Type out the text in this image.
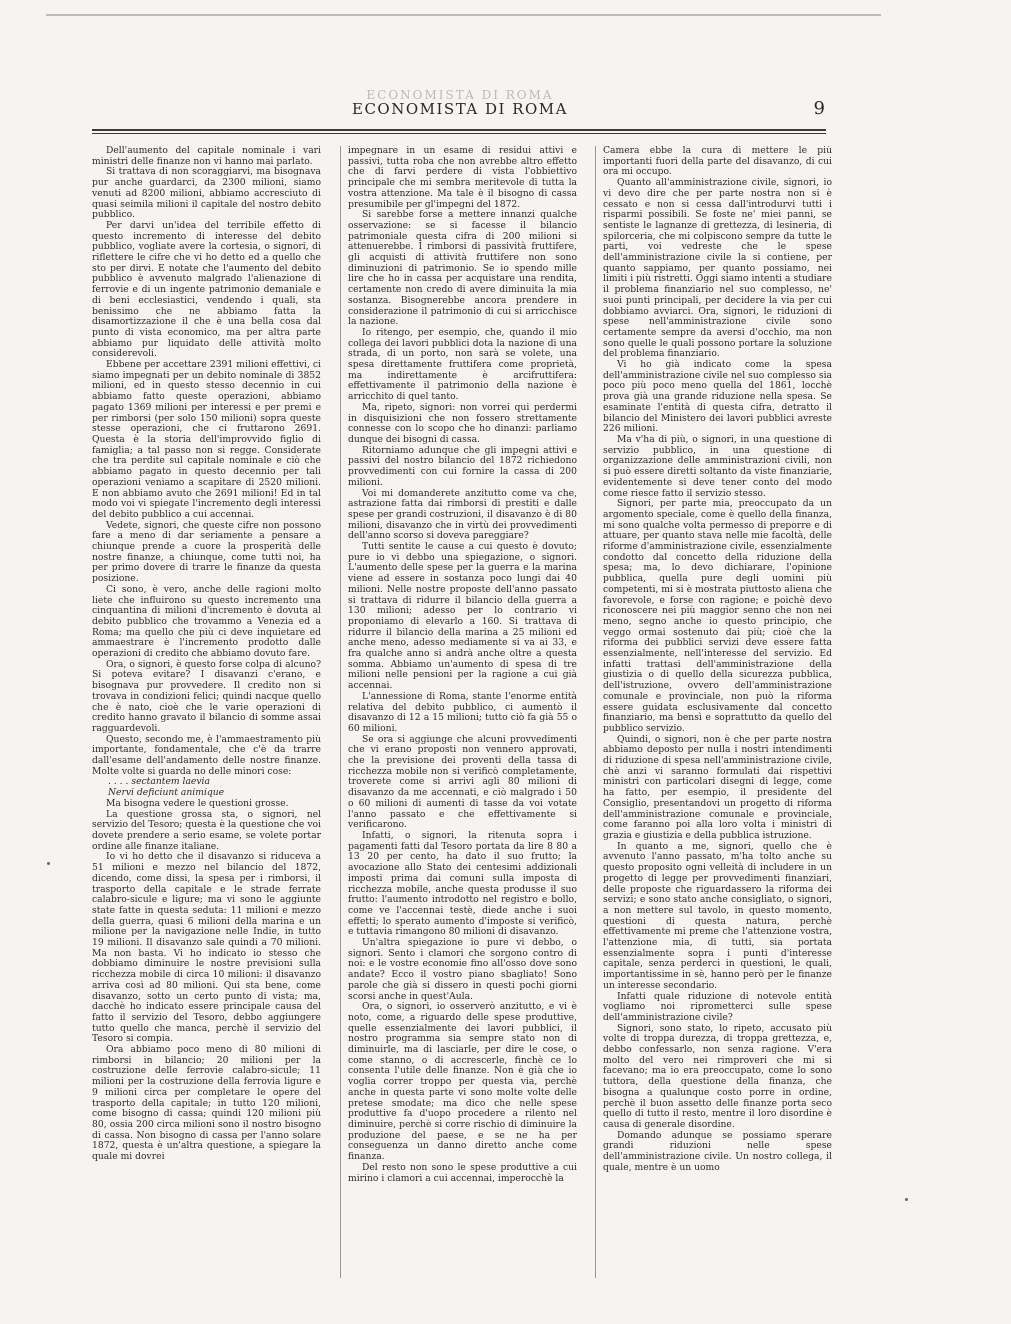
ECONOMISTA DI ROMA
ECONOMISTA DI ROMA	9

Dell'aumento del capitale nominale i vari ministri delle finanze non vi hanno mai parlato.

Si trattava di non scoraggiarvi, ma bisognava pur anche guardarci, da 2300 milioni, siamo venuti ad 8200 milioni, abbiamo accresciuto di quasi seimila milioni il capitale del nostro debito pubblico.

Per darvi un'idea del terribile effetto di questo incremento di interesse del debito pubblico, vogliate avere la cortesia, o signori, di riflettere le cifre che vi ho detto ed a quello che sto per dirvi. E notate che l'aumento del debito pubblico è avvenuto malgrado l'alienazione di ferrovie e di un ingente patrimonio demaniale e di beni ecclesiastici, vendendo i quali, sta benissimo che ne abbiamo fatta la disamortizzazione il che è una bella cosa dal punto di vista economico, ma per altra parte abbiamo pur liquidato delle attività molto considerevoli.

Ebbene per accettare 2391 milioni effettivi, ci siamo impegnati per un debito nominale di 3852 milioni, ed in questo stesso decennio in cui abbiamo fatto queste operazioni, abbiamo pagato 1369 milioni per interessi e per premi e per rimborsi (per solo 150 milioni) sopra queste stesse operazioni, che ci fruttarono 2691. Questa è la storia dell'improvvido figlio di famiglia; a tal passo non si regge. Considerate che tra perdite sul capitale nominale e ciò che abbiamo pagato in questo decennio per tali operazioni veniamo a scapitare di 2520 milioni. E non abbiamo avuto che 2691 milioni! Ed in tal modo voi vi spiegate l'incremento degli interessi del debito pubblico a cui accennai.

Vedete, signori, che queste cifre non possono fare a meno di dar seriamente a pensare a chiunque prende a cuore la prosperità delle nostre finanze, a chiunque, come tutti noi, ha per primo dovere di trarre le finanze da questa posizione.

Ci sono, è vero, anche delle ragioni molto liete che influirono su questo incremento una cinquantina di milioni d'incremento è dovuta al debito pubblico che trovammo a Venezia ed a Roma; ma quello che più ci deve inquietare ed ammaestrare è l'incremento prodotto dalle operazioni di credito che abbiamo dovuto fare.

Ora, o signori, è questo forse colpa di alcuno? Si poteva evitare? I disavanzi c'erano, e bisognava pur provvedere. Il credito non si trovava in condizioni felici; quindi nacque quello che è nato, cioè che le varie operazioni di credito hanno gravato il bilancio di somme assai ragguardevoli.

Questo, secondo me, è l'ammaestramento più importante, fondamentale, che c'è da trarre dall'esame dell'andamento delle nostre finanze. Molte volte si guarda no delle minori cose:

. . . . sectantem laevia

Nervi deficiunt animique

Ma bisogna vedere le questioni grosse.

La questione grossa sta, o signori, nel servizio del Tesoro; questa è la questione che voi dovete prendere a serio esame, se volete portar ordine alle finanze italiane.

Io vi ho detto che il disavanzo si riduceva a 51 milioni e mezzo nel bilancio del 1872, dicendo, come dissi, la spesa per i rimborsi, il trasporto della capitale e le strade ferrate calabro-sicule e ligure; ma vi sono le aggiunte state fatte in questa seduta: 11 milioni e mezzo della guerra, quasi 6 milioni della marina e un milione per la navigazione nelle Indie, in tutto 19 milioni. Il disavanzo sale quindi a 70 milioni. Ma non basta. Vi ho indicato io stesso che dobbiamo diminuire le nostre previsioni sulla ricchezza mobile di circa 10 milioni: il disavanzo arriva così ad 80 milioni. Qui sta bene, come disavanzo, sotto un certo punto di vista; ma, dacchè ho indicato essere principale causa del fatto il servizio del Tesoro, debbo aggiungere tutto quello che manca, perchè il servizio del Tesoro si compia.

Ora abbiamo poco meno di 80 milioni di rimborsi in bilancio; 20 milioni per la costruzione delle ferrovie calabro-sicule; 11 milioni per la costruzione della ferrovia ligure e 9 milioni circa per completare le opere del trasporto della capitale; in tutto 120 milioni, come bisogno di cassa; quindi 120 milioni più 80, ossia 200 circa milioni sono il nostro bisogno di cassa. Non bisogno di cassa per l'anno solare 1872, questa è un'altra questione, a spiegare la quale mi dovrei

impegnare in un esame di residui attivi e passivi, tutta roba che non avrebbe altro effetto che di farvi perdere di vista l'obbiettivo principale che mi sembra meritevole di tutta la vostra attenzione. Ma tale è il bisogno di cassa presumibile per gl'impegni del 1872.

Si sarebbe forse a mettere innanzi qualche osservazione: se si facesse il bilancio patrimoniale questa cifra di 200 milioni si attenuerebbe. I rimborsi di passività fruttifere, gli acquisti di attività fruttifere non sono diminuzioni di patrimonio. Se io spendo mille lire che ho in cassa per acquistare una rendita, certamente non credo di avere diminuita la mia sostanza. Bisognerebbe ancora prendere in considerazione il patrimonio di cui si arricchisce la nazione.

Io ritengo, per esempio, che, quando il mio collega dei lavori pubblici dota la nazione di una strada, di un porto, non sarà se volete, una spesa direttamente fruttifera come proprietà, ma indirettamente è arcifruttifera: effettivamente il patrimonio della nazione è arricchito di quel tanto.

Ma, ripeto, signori: non vorrei qui perdermi in disquisizioni che non fossero strettamente connesse con lo scopo che ho dinanzi: parliamo dunque dei bisogni di cassa.

Ritorniamo adunque che gli impegni attivi e passivi del nostro bilancio del 1872 richiedono provvedimenti con cui fornire la cassa di 200 milioni.

Voi mi domanderete anzitutto come va che, astrazione fatta dai rimborsi di prestiti e dalle spese per grandi costruzioni, il disavanzo è di 80 milioni, disavanzo che in virtù dei provvedimenti dell'anno scorso si doveva pareggiare?

Tutti sentite le cause a cui questo è dovuto; pure io vi debbo una spiegazione, o signori. L'aumento delle spese per la guerra e la marina viene ad essere in sostanza poco lungi dai 40 milioni. Nelle nostre proposte dell'anno passato si trattava di ridurre il bilancio della guerra a 130 milioni; adesso per lo contrario vi proponiamo di elevarlo a 160. Si trattava di ridurre il bilancio della marina a 25 milioni ed anche meno, adesso mediamente si va ai 33, e fra qualche anno si andrà anche oltre a questa somma. Abbiamo un'aumento di spesa di tre milioni nelle pensioni per la ragione a cui già accennai.

L'annessione di Roma, stante l'enorme entità relativa del debito pubblico, ci aumentò il disavanzo di 12 a 15 milioni; tutto ciò fa già 55 o 60 milioni.

Se ora si aggiunge che alcuni provvedimenti che vi erano proposti non vennero approvati, che la previsione dei proventi della tassa di ricchezza mobile non si verificò completamente, troverete come si arrivi agli 80 milioni di disavanzo da me accennati, e ciò malgrado i 50 o 60 milioni di aumenti di tasse da voi votate l'anno passato e che effettivamente si verificarono.

Infatti, o signori, la ritenuta sopra i pagamenti fatti dal Tesoro portata da lire 8 80 a 13 20 per cento, ha dato il suo frutto; la avocazione allo Stato dei centesimi addizionali imposti prima dai comuni sulla imposta di ricchezza mobile, anche questa produsse il suo frutto: l'aumento introdotto nel registro e bollo, come ve l'accennai testè, diede anche i suoi effetti; lo sperato aumento d'imposte si verificò, e tuttavia rimangono 80 milioni di disavanzo.

Un'altra spiegazione io pure vi debbo, o signori. Sento i clamori che sorgono contro di noi: e le vostre economie fino all'osso dove sono andate? Ecco il vostro piano sbagliato! Sono parole che già si dissero in questi pochi giorni scorsi anche in quest'Aula.

Ora, o signori, io osserverò anzitutto, e vi è noto, come, a riguardo delle spese produttive, quelle essenzialmente dei lavori pubblici, il nostro programma sia sempre stato non di diminuirle, ma di lasciarle, per dire le cose, o come stanno, o di accrescerle, finchè ce lo consenta l'utile delle finanze. Non è già che io voglia correr troppo per questa via, perchè anche in questa parte vi sono molte volte delle pretese smodate; ma dico che nelle spese produttive fa d'uopo procedere a rilento nel diminuire, perchè si corre rischio di diminuire la produzione del paese, e se ne ha per conseguenza un danno diretto anche come finanza.

Del resto non sono le spese produttive a cui mirino i clamori a cui accennai, imperocchè la

Camera ebbe la cura di mettere le più importanti fuori della parte del disavanzo, di cui ora mi occupo.

Quanto all'amministrazione civile, signori, io vi devo dire che per parte nostra non si è cessato e non si cessa dall'introdurvi tutti i risparmi possibili. Se foste ne' miei panni, se sentiste le lagnanze di grettezza, di lesineria, di spilorceria, che mi colpiscono sempre da tutte le parti, voi vedreste che le spese dell'amministrazione civile la si contiene, per quanto sappiamo, per quanto possiamo, nei limiti i più ristretti. Oggi siamo intenti a studiare il problema finanziario nel suo complesso, ne' suoi punti principali, per decidere la via per cui dobbiamo avviarci. Ora, signori, le riduzioni di spese nell'amministrazione civile sono certamente sempre da aversi d'occhio, ma non sono quelle le quali possono portare la soluzione del problema finanziario.

Vi ho già indicato come la spesa dell'amministrazione civile nel suo complesso sia poco più poco meno quella del 1861, locchè prova già una grande riduzione nella spesa. Se esaminate l'entità di questa cifra, detratto il bilancio del Ministero dei lavori pubblici avreste 226 milioni.

Ma v'ha di più, o signori, in una questione di servizio pubblico, in una questione di organizzazione delle amministrazioni civili, non si può essere diretti soltanto da viste finanziarie, evidentemente si deve tener conto del modo come riesce fatto il servizio stesso.

Signori, per parte mia, preoccupato da un argomento speciale, come è quello della finanza, mi sono qualche volta permesso di preporre e di attuare, per quanto stava nelle mie facoltà, delle riforme d'amministrazione civile, essenzialmente condotto dal concetto della riduzione della spesa; ma, lo devo dichiarare, l'opinione pubblica, quella pure degli uomini più competenti, mi si è mostrata piuttosto aliena che favorevole, e forse con ragione; e poichè devo riconoscere nei più maggior senno che non nei meno, segno anche io questo principio, che veggo ormai sostenuto dai più; cioè che la riforma dei pubblici servizi deve essere fatta essenzialmente, nell'interesse del servizio. Ed infatti trattasi dell'amministrazione della giustizia o di quello della sicurezza pubblica, dell'istruzione, ovvero dell'amministrazione comunale e provinciale, non può la riforma essere guidata esclusivamente dal concetto finanziario, ma bensì e soprattutto da quello del pubblico servizio.

Quindi, o signori, non è che per parte nostra abbiamo deposto per nulla i nostri intendimenti di riduzione di spesa nell'amministrazione civile, chè anzi vi saranno formulati dai rispettivi ministri con particolari disegni di legge, come ha fatto, per esempio, il presidente del Consiglio, presentandovi un progetto di riforma dell'amministrazione comunale e provinciale, come faranno poi alla loro volta i ministri di grazia e giustizia e della pubblica istruzione.

In quanto a me, signori, quello che è avvenuto l'anno passato, m'ha tolto anche su questo proposito ogni velleità di includere in un progetto di legge per provvedimenti finanziari, delle proposte che riguardassero la riforma dei servizi; e sono stato anche consigliato, o signori, a non mettere sul tavolo, in questo momento, questioni di questa natura, perchè effettivamente mi preme che l'attenzione vostra, l'attenzione mia, di tutti, sia portata essenzialmente sopra i punti d'interesse capitale, senza perderci in questioni, le quali, importantissime in sè, hanno però per le finanze un interesse secondario.

Infatti quale riduzione di notevole entità vogliamo noi ripromettercі sulle spese dell'amministrazione civile?

Signori, sono stato, lo ripeto, accusato più volte di troppa durezza, di troppa grettezza, e, debbo confessarlo, non senza ragione. V'era molto del vero nei rimproveri che mi si facevano; ma io era preoccupato, come lo sono tuttora, della questione della finanza, che bisogna a qualunque costo porre in ordine, perchè il buon assetto delle finanze porta seco quello di tutto il resto, mentre il loro disordine è causa di generale disordine.

Domando adunque se possiamo sperare grandi riduzioni nelle spese dell'amministrazione civile. Un nostro collega, il quale, mentre è un uomo
